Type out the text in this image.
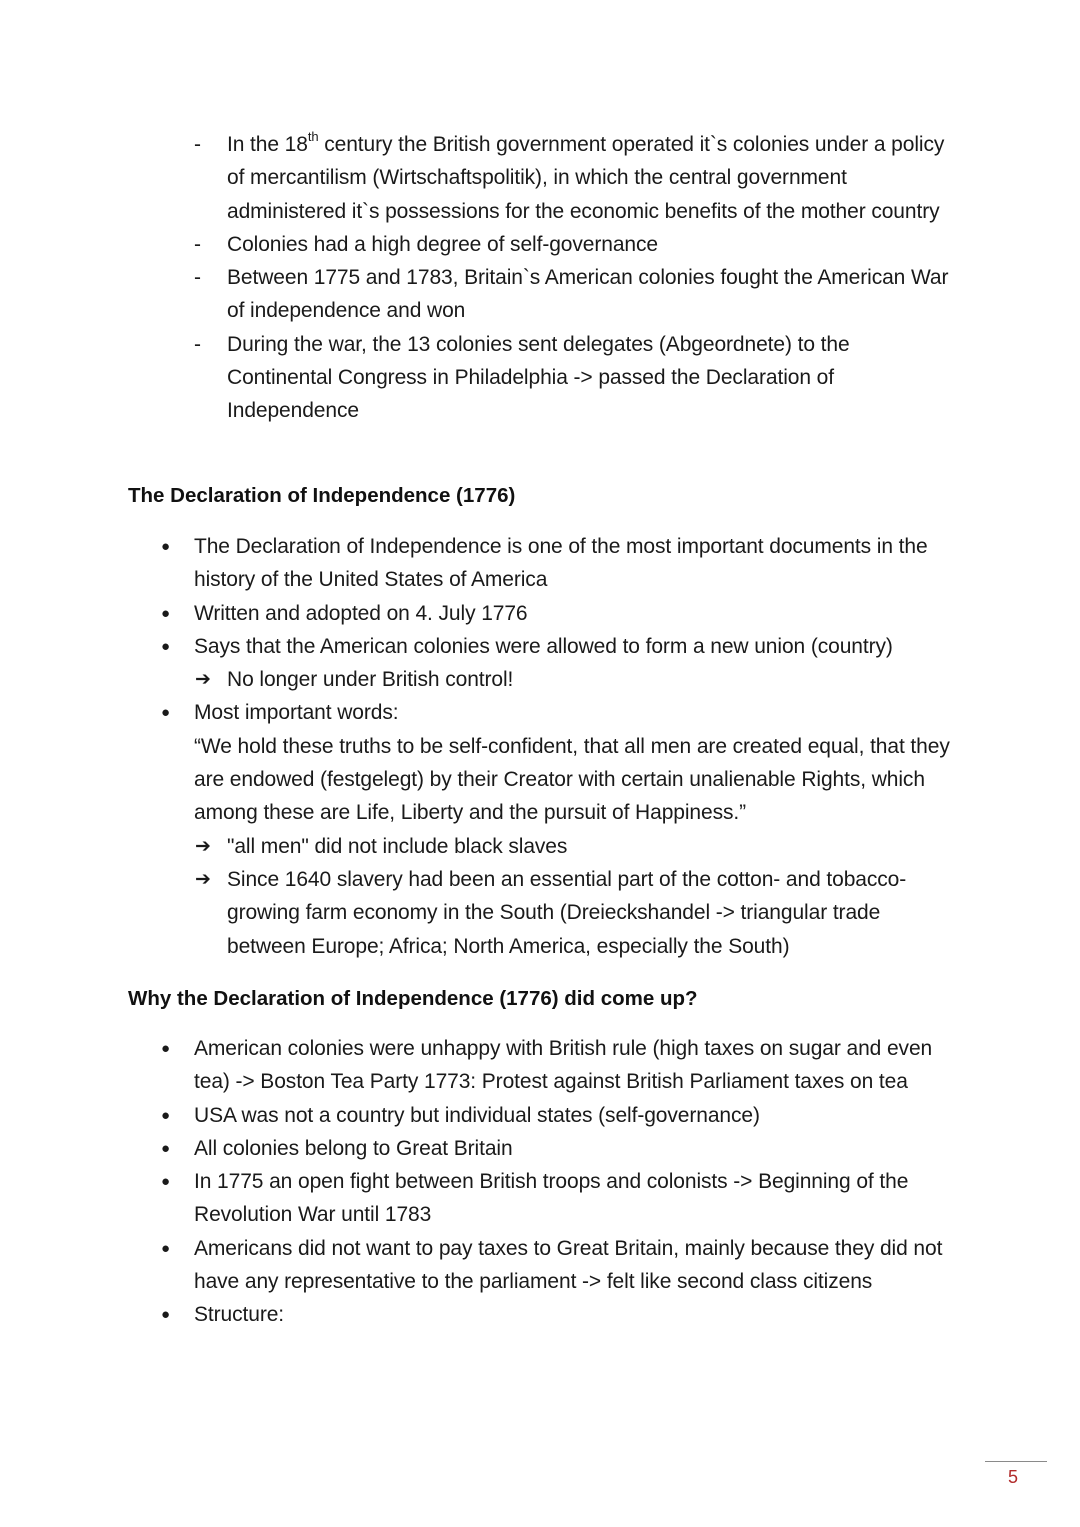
- In the 18th century the British government operated it`s colonies under a policy of mercantilism (Wirtschaftspolitik), in which the central government administered it`s possessions for the economic benefits of the mother country
- Colonies had a high degree of self-governance
- Between 1775 and 1783, Britain`s American colonies fought the American War of independence and won
- During the war, the 13 colonies sent delegates (Abgeordnete) to the Continental Congress in Philadelphia -> passed the Declaration of Independence
The Declaration of Independence (1776)
● The Declaration of Independence is one of the most important documents in the history of the United States of America
● Written and adopted on 4. July 1776
● Says that the American colonies were allowed to form a new union (country)
➔ No longer under British control!
● Most important words:
“We hold these truths to be self-confident, that all men are created equal, that they are endowed (festgelegt) by their Creator with certain unalienable Rights, which among these are Life, Liberty and the pursuit of Happiness.”
➔ "all men" did not include black slaves
➔ Since 1640 slavery had been an essential part of the cotton- and tobacco-growing farm economy in the South (Dreieckshandel -> triangular trade between Europe; Africa; North America, especially the South)
Why the Declaration of Independence (1776) did come up?
● American colonies were unhappy with British rule (high taxes on sugar and even tea) -> Boston Tea Party 1773: Protest against British Parliament taxes on tea
● USA was not a country but individual states (self-governance)
● All colonies belong to Great Britain
● In 1775 an open fight between British troops and colonists -> Beginning of the Revolution War until 1783
● Americans did not want to pay taxes to Great Britain, mainly because they did not have any representative to the parliament -> felt like second class citizens
● Structure:
5
